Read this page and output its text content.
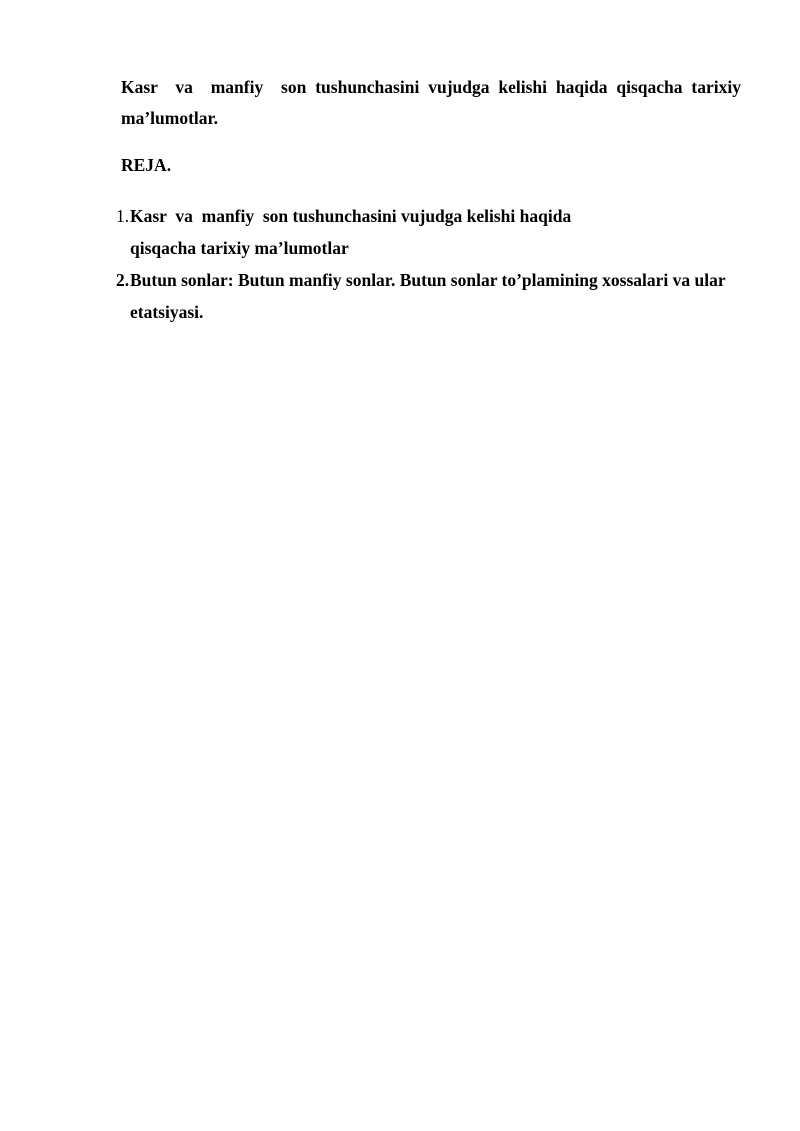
Kasr  va  manfiy  son tushunchasini vujudga kelishi haqida qisqacha tarixiy ma’lumotlar.
REJA.
1. Kasr  va  manfiy  son tushunchasini vujudga kelishi haqida qisqacha tarixiy ma’lumotlar
2. Butun sonlar: Butun manfiy sonlar. Butun sonlar to’plamining xossalari va ular etatsiyasi.
